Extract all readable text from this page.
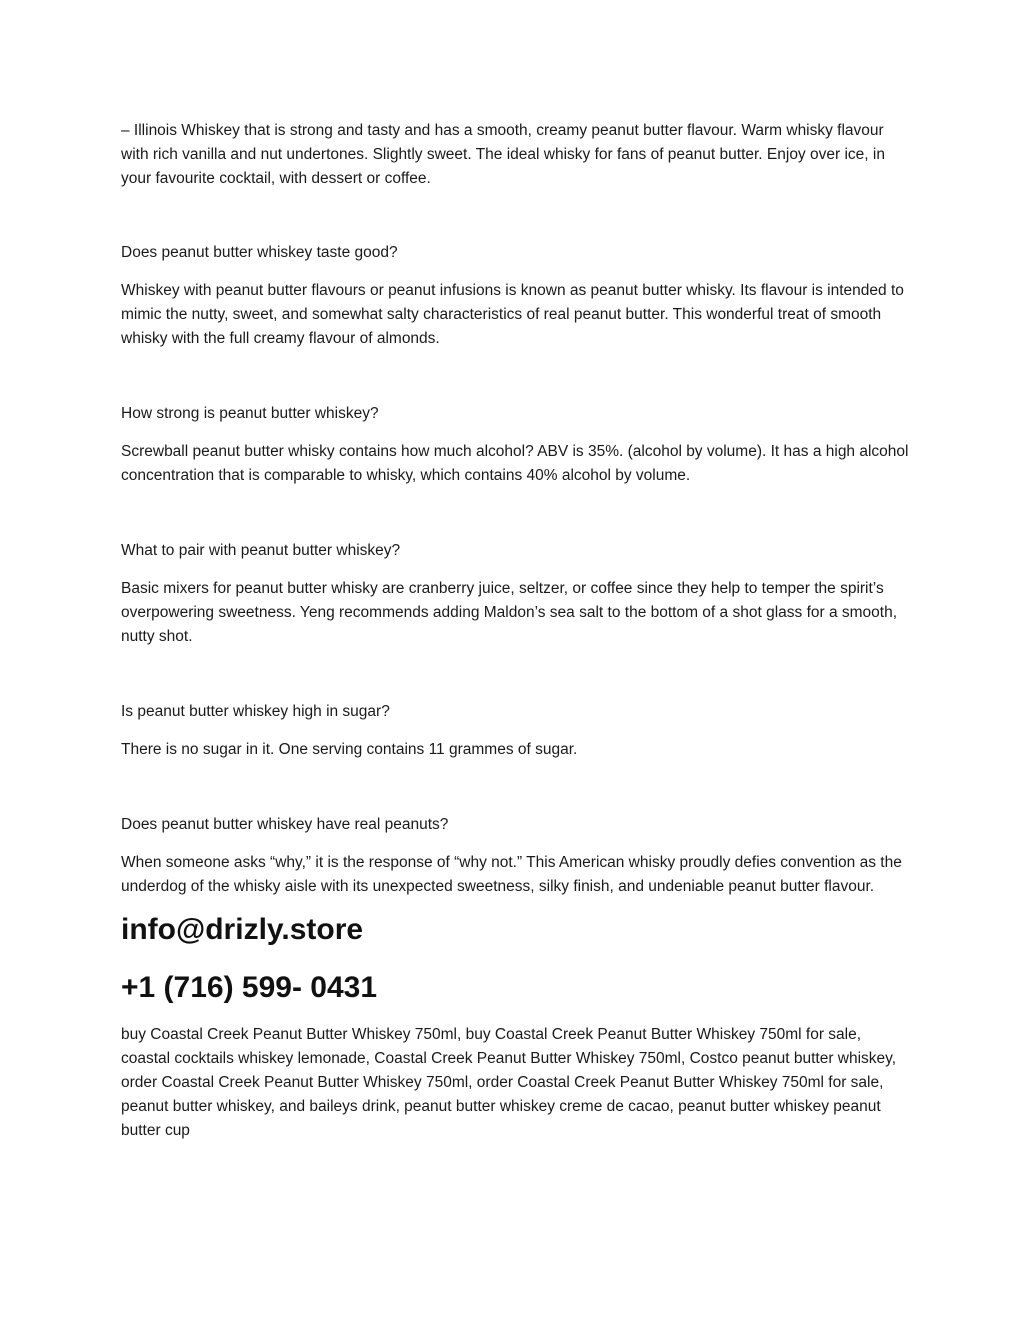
– Illinois Whiskey that is strong and tasty and has a smooth, creamy peanut butter flavour. Warm whisky flavour with rich vanilla and nut undertones. Slightly sweet. The ideal whisky for fans of peanut butter. Enjoy over ice, in your favourite cocktail, with dessert or coffee.

Does peanut butter whiskey taste good?

Whiskey with peanut butter flavours or peanut infusions is known as peanut butter whisky. Its flavour is intended to mimic the nutty, sweet, and somewhat salty characteristics of real peanut butter. This wonderful treat of smooth whisky with the full creamy flavour of almonds.

How strong is peanut butter whiskey?

Screwball peanut butter whisky contains how much alcohol? ABV is 35%. (alcohol by volume). It has a high alcohol concentration that is comparable to whisky, which contains 40% alcohol by volume.

What to pair with peanut butter whiskey?

Basic mixers for peanut butter whisky are cranberry juice, seltzer, or coffee since they help to temper the spirit’s overpowering sweetness. Yeng recommends adding Maldon’s sea salt to the bottom of a shot glass for a smooth, nutty shot.

Is peanut butter whiskey high in sugar?

There is no sugar in it. One serving contains 11 grammes of sugar.

Does peanut butter whiskey have real peanuts?

When someone asks “why,” it is the response of “why not.” This American whisky proudly defies convention as the underdog of the whisky aisle with its unexpected sweetness, silky finish, and undeniable peanut butter flavour.

info@drizly.store
+1 (716) 599- 0431

buy Coastal Creek Peanut Butter Whiskey 750ml, buy Coastal Creek Peanut Butter Whiskey 750ml for sale, coastal cocktails whiskey lemonade, Coastal Creek Peanut Butter Whiskey 750ml, Costco peanut butter whiskey, order Coastal Creek Peanut Butter Whiskey 750ml, order Coastal Creek Peanut Butter Whiskey 750ml for sale, peanut butter whiskey, and baileys drink, peanut butter whiskey creme de cacao, peanut butter whiskey peanut butter cup
